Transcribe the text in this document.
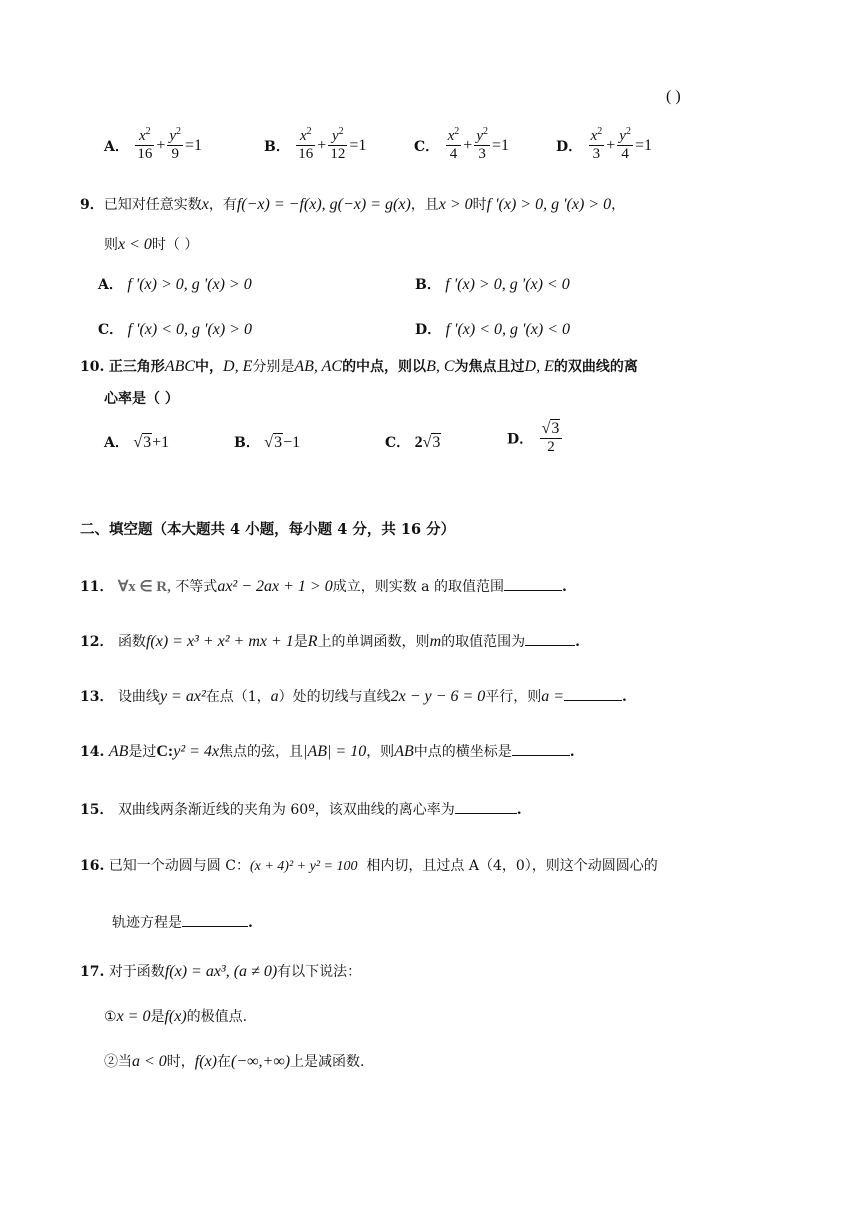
( )
A． $\frac{x^2}{16} + \frac{y^2}{9} =1$	B． $\frac{x^2}{16} + \frac{y^2}{12} =1$	C． $\frac{x^2}{4} + \frac{y^2}{3} =1$	D． $\frac{x^2}{3} + \frac{y^2}{4} =1$
9．已知对任意实数x，有f(−x) = −f(x), g(−x) = g(x)，且x > 0时f '(x) > 0, g '(x) > 0，
则x < 0时（ ）
A． f '(x) > 0, g '(x) > 0	B． f '(x) > 0, g '(x) < 0
C． f '(x) < 0, g '(x) > 0	D． f '(x) < 0, g '(x) < 0
10. 正三角形ABC中，D, E分别是AB, AC的中点，则以B, C为焦点且过D, E的双曲线的离
心率是（ ）
A． √3+1	B． √3−1	C． 2√3	D． $\frac{√3}{2}$
二、填空题（本大题共 4 小题，每小题 4 分，共 16 分）
11． ∀x ∈ R, 不等式ax² − 2ax + 1 > 0成立，则实数 a 的取值范围	.
12． 函数f(x) = x³ + x² + mx + 1是R上的单调函数，则m的取值范围为	.
13． 设曲线y = ax²在点（1，a）处的切线与直线2x − y − 6 = 0平行，则a =	.
14. AB是过C:y² = 4x焦点的弦，且|AB| = 10，则AB中点的横坐标是	.
15． 双曲线两条渐近线的夹角为 60º，该双曲线的离心率为	.
16. 已知一个动圆与圆 C：(x + 4)² + y² = 100 相内切，且过点 A（4，0），则这个动圆圆心的
轨迹方程是	.
17. 对于函数f(x) = ax³, (a ≠ 0)有以下说法：
①x = 0是f(x)的极值点.
②当a < 0时，f(x)在(−∞,+∞)上是减函数.
